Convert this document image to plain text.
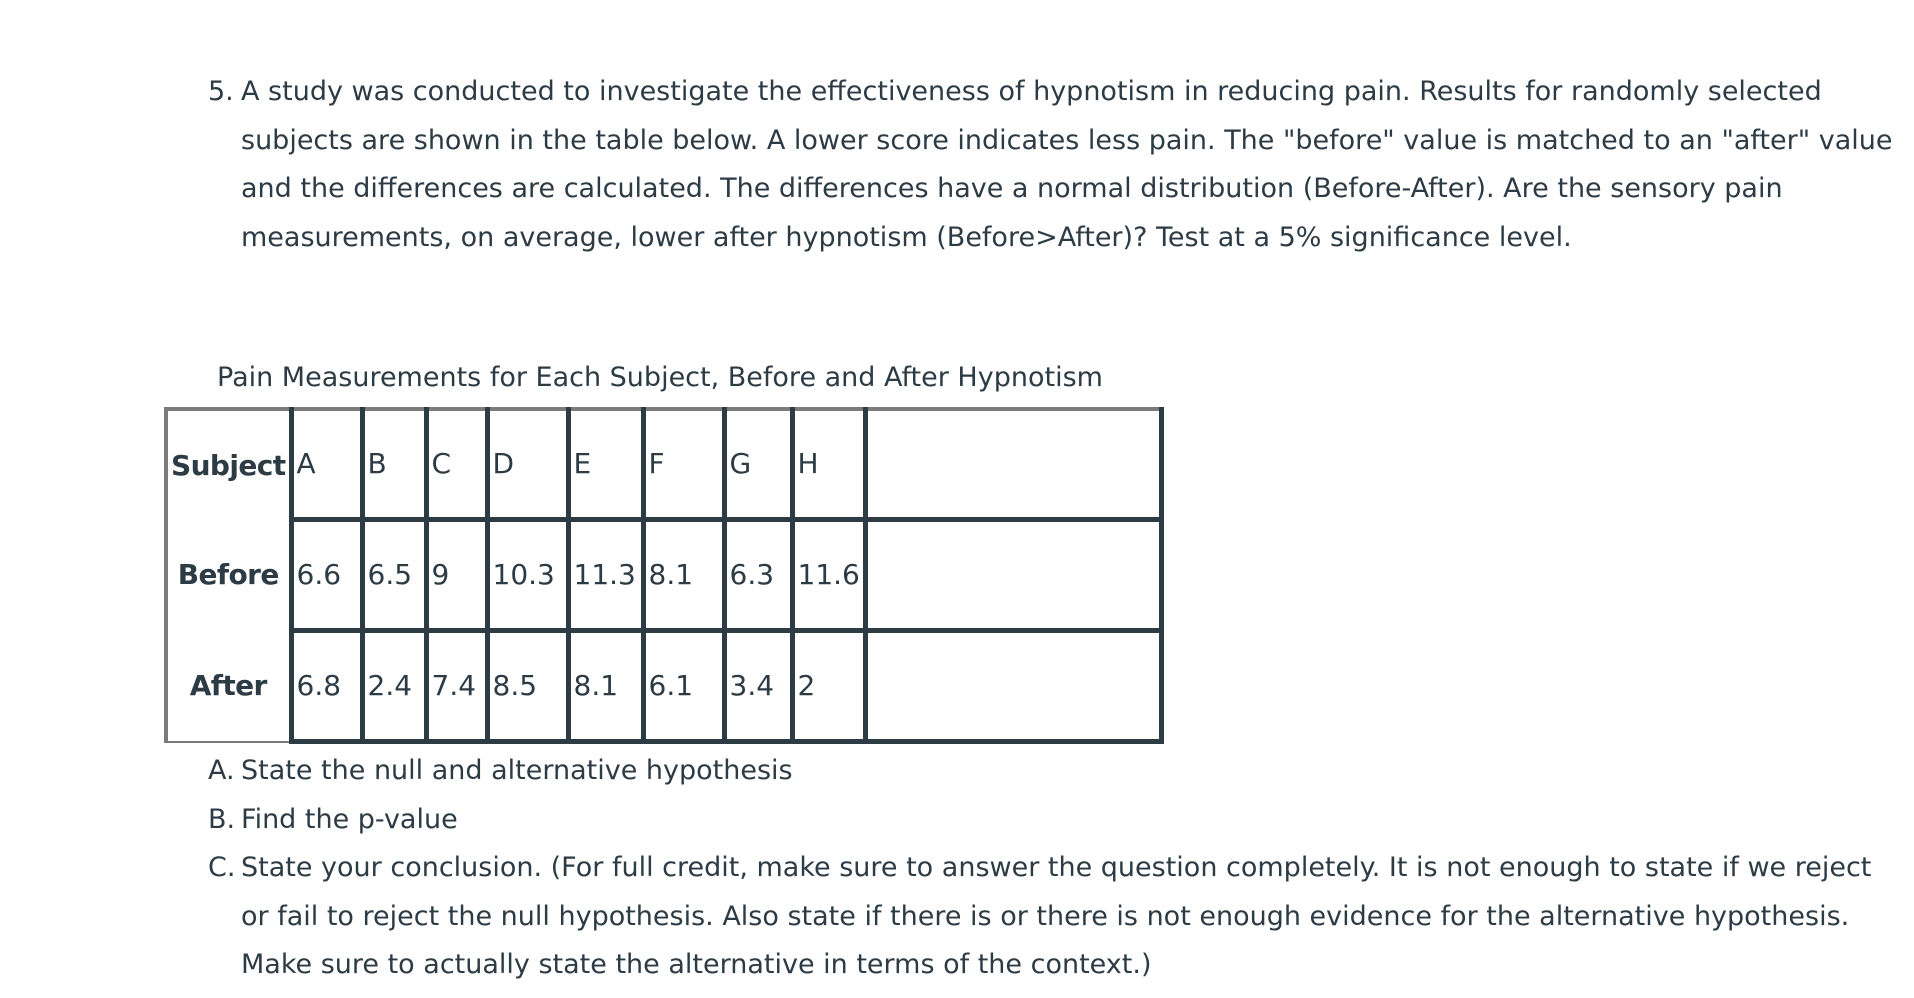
5. A study was conducted to investigate the effectiveness of hypnotism in reducing pain. Results for randomly selected subjects are shown in the table below. A lower score indicates less pain. The "before" value is matched to an "after" value and the differences are calculated. The differences have a normal distribution (Before-After). Are the sensory pain measurements, on average, lower after hypnotism (Before>After)? Test at a 5% significance level.
Pain Measurements for Each Subject, Before and After Hypnotism
Subject	A	B	C	D	E	F	G	H	
Before	6.6	6.5	9	10.3	11.3	8.1	6.3	11.6	
After	6.8	2.4	7.4	8.5	8.1	6.1	3.4	2	
A. State the null and alternative hypothesis
B. Find the p-value
C. State your conclusion. (For full credit, make sure to answer the question completely. It is not enough to state if we reject or fail to reject the null hypothesis. Also state if there is or there is not enough evidence for the alternative hypothesis. Make sure to actually state the alternative in terms of the context.)
